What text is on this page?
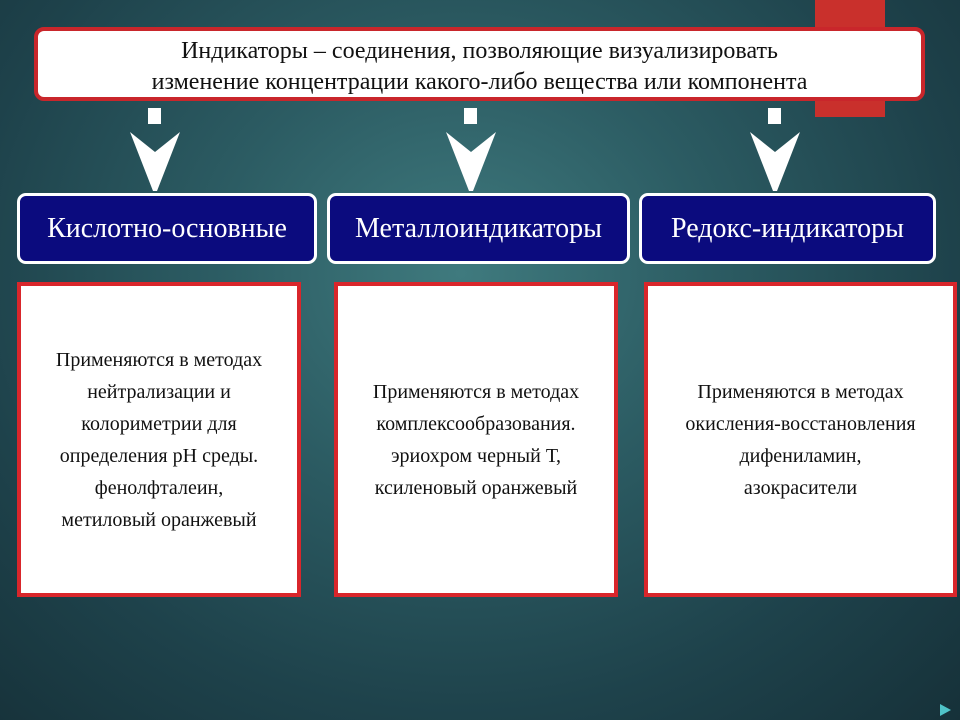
Индикаторы – соединения, позволяющие визуализировать
изменение концентрации какого-либо вещества или компонента
Кислотно-основные Металлоиндикаторы Редокс-индикаторы
Применяются в методах
нейтрализации и
колориметрии для
определения pH среды.
фенолфталеин,
метиловый оранжевый
Применяются в методах
комплексообразования.
эриохром черный Т,
ксиленовый оранжевый
Применяются в методах
окисления-восстановления
дифениламин,
азокрасители
